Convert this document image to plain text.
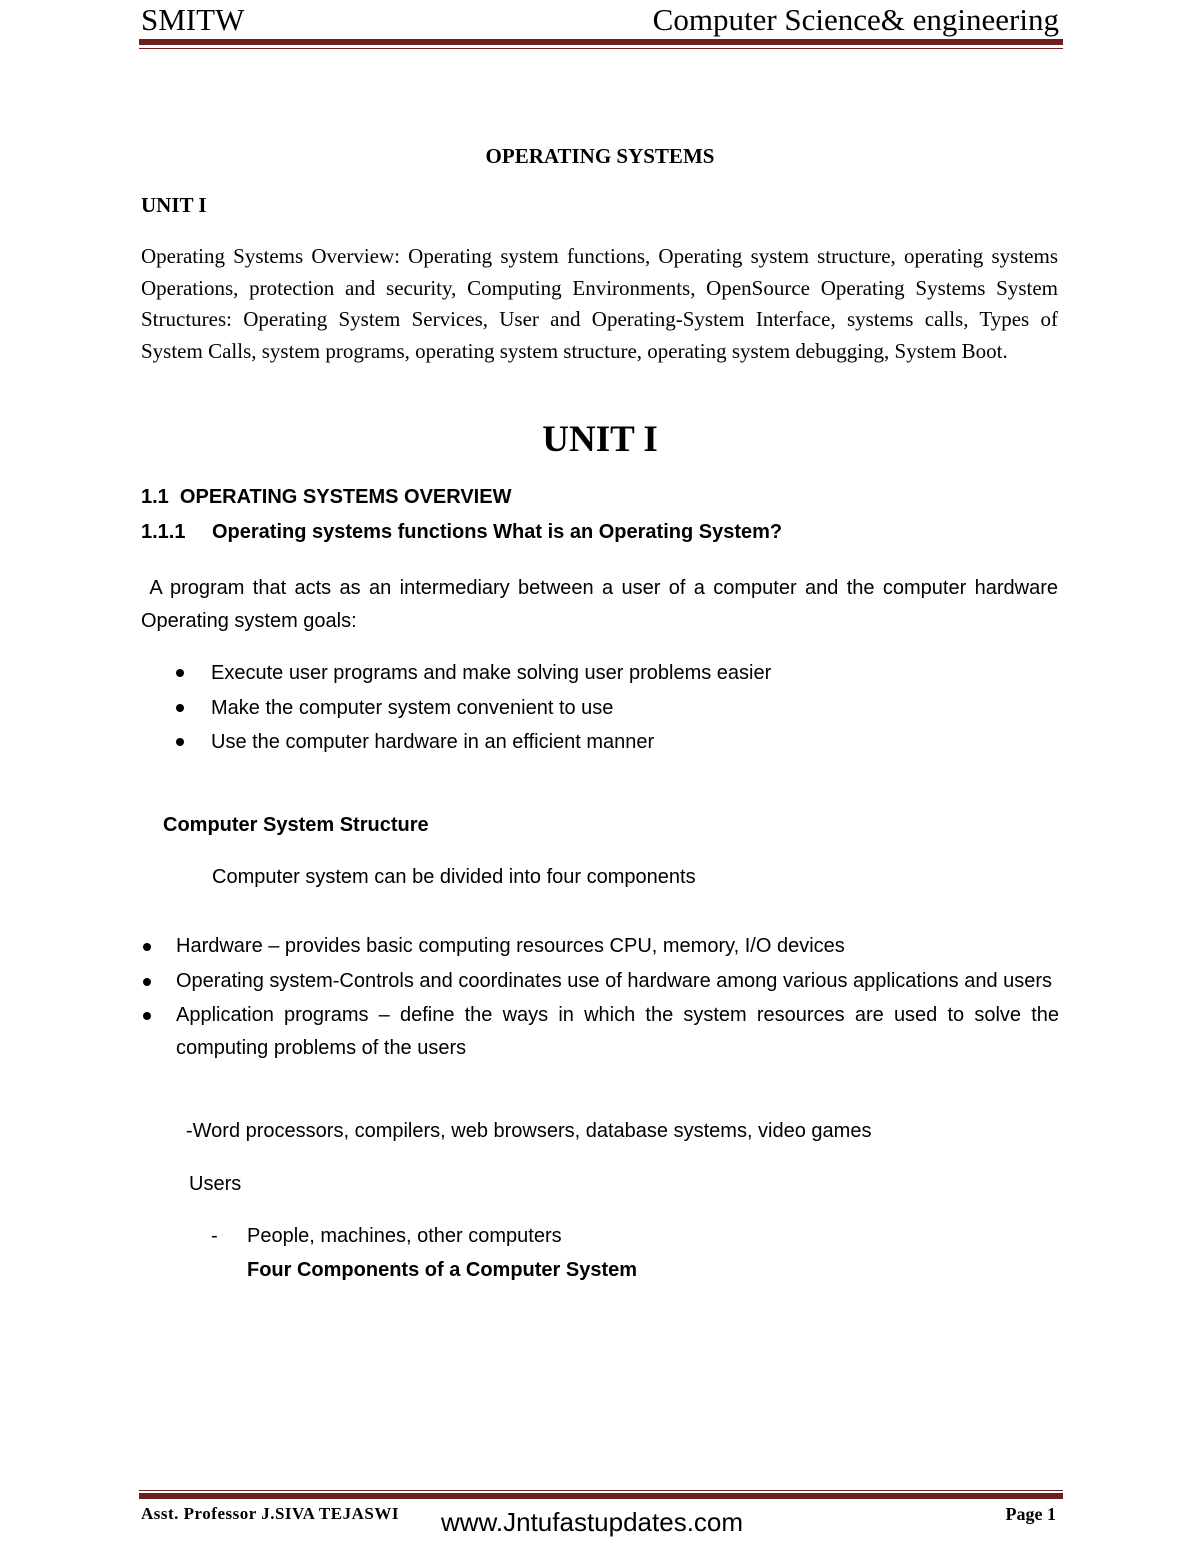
SMITW	Computer Science& engineering
OPERATING SYSTEMS
UNIT I
Operating Systems Overview: Operating system functions, Operating system structure, operating systems Operations, protection and security, Computing Environments, OpenSource Operating Systems System Structures: Operating System Services, User and Operating-System Interface, systems calls, Types of System Calls, system programs, operating system structure, operating system debugging, System Boot.
UNIT I
1.1  OPERATING SYSTEMS OVERVIEW
1.1.1 Operating systems functions What is an Operating System?
A program that acts as an intermediary between a user of a computer and the computer hardware Operating system goals:
Execute user programs and make solving user problems easier
Make the computer system convenient to use
Use the computer hardware in an efficient manner
Computer System Structure
Computer system can be divided into four components
Hardware – provides basic computing resources CPU, memory, I/O devices
Operating system-Controls and coordinates use of hardware among various applications and users
Application programs – define the ways in which the system resources are used to solve the computing problems of the users
-Word processors, compilers, web browsers, database systems, video games
Users
- People, machines, other computers
Four Components of a Computer System
Asst. Professor J.SIVA TEJASWI www.Jntufastupdates.com	Page 1
